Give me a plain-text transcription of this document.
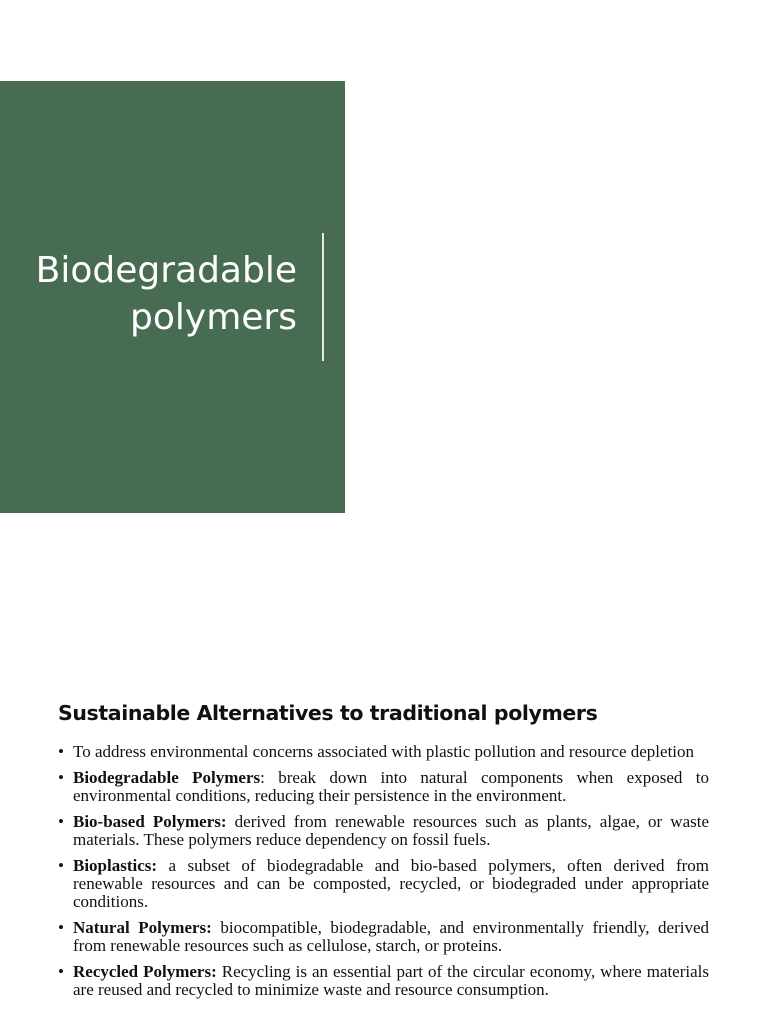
Biodegradable
polymers
Sustainable Alternatives to traditional polymers
• To address environmental concerns associated with plastic pollution and resource depletion
• Biodegradable Polymers: break down into natural components when exposed to environmental conditions, reducing their persistence in the environment.
• Bio-based Polymers: derived from renewable resources such as plants, algae, or waste materials. These polymers reduce dependency on fossil fuels.
• Bioplastics: a subset of biodegradable and bio-based polymers, often derived from renewable resources and can be composted, recycled, or biodegraded under appropriate conditions.
• Natural Polymers: biocompatible, biodegradable, and environmentally friendly, derived from renewable resources such as cellulose, starch, or proteins.
• Recycled Polymers: Recycling is an essential part of the circular economy, where materials are reused and recycled to minimize waste and resource consumption.
